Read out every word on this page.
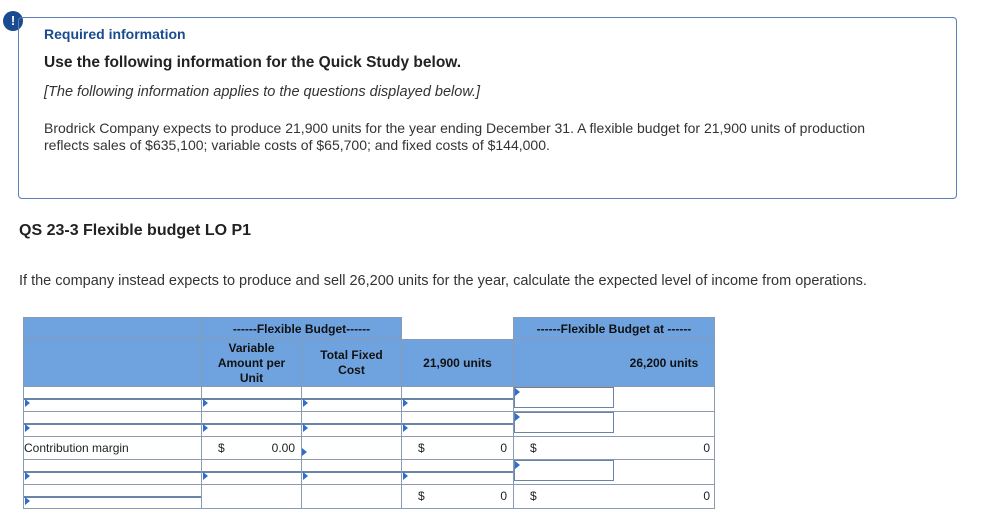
!
Required information
Use the following information for the Quick Study below.
[The following information applies to the questions displayed below.]
Brodrick Company expects to produce 21,900 units for the year ending December 31. A flexible budget for 21,900 units of production reflects sales of $635,100; variable costs of $65,700; and fixed costs of $144,000.
QS 23-3 Flexible budget LO P1
If the company instead expects to produce and sell 26,200 units for the year, calculate the expected level of income from operations.
	------Flexible Budget------			------Flexible Budget at ------
	Variable Amount per Unit	Total Fixed Cost	21,900 units	26,200 units

Contribution margin	$ 0.00		$ 0	$ 0

			$ 0	$ 0
